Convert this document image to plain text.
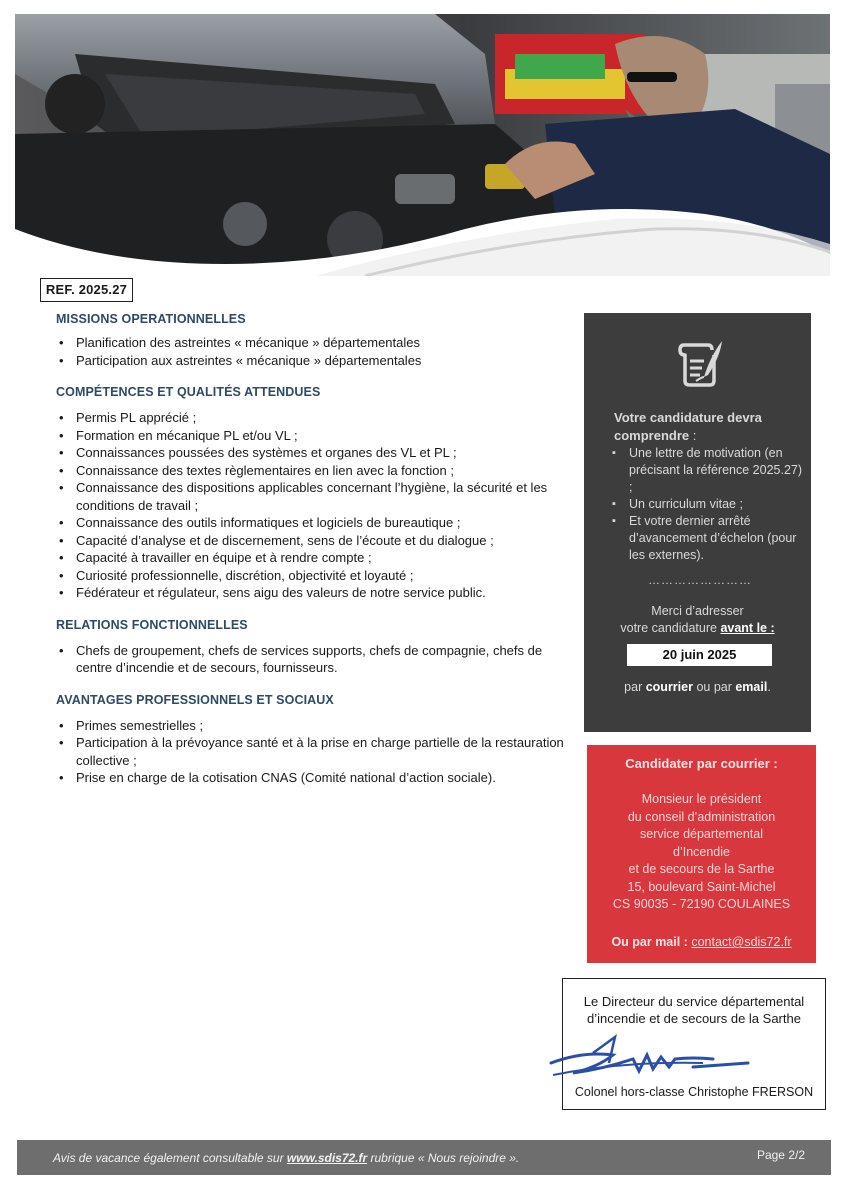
REF. 2025.27
MISSIONS OPERATIONNELLES
• Planification des astreintes « mécanique » départementales
• Participation aux astreintes « mécanique » départementales
COMPÉTENCES ET QUALITÉS ATTENDUES
• Permis PL apprécié ;
• Formation en mécanique PL et/ou VL ;
• Connaissances poussées des systèmes et organes des VL et PL ;
• Connaissance des textes règlementaires en lien avec la fonction ;
• Connaissance des dispositions applicables concernant l’hygiène, la sécurité et les conditions de travail ;
• Connaissance des outils informatiques et logiciels de bureautique ;
• Capacité d’analyse et de discernement, sens de l’écoute et du dialogue ;
• Capacité à travailler en équipe et à rendre compte ;
• Curiosité professionnelle, discrétion, objectivité et loyauté ;
• Fédérateur et régulateur, sens aigu des valeurs de notre service public.
RELATIONS FONCTIONNELLES
• Chefs de groupement, chefs de services supports, chefs de compagnie, chefs de centre d’incendie et de secours, fournisseurs.
AVANTAGES PROFESSIONNELS ET SOCIAUX
• Primes semestrielles ;
• Participation à la prévoyance santé et à la prise en charge partielle de la restauration collective ;
• Prise en charge de la cotisation CNAS (Comité national d’action sociale).
Votre candidature devra comprendre :
▪ Une lettre de motivation (en précisant la référence 2025.27) ;
▪ Un curriculum vitae ;
▪ Et votre dernier arrêté d’avancement d’échelon (pour les externes).
……………………
Merci d’adresser
votre candidature avant le :
20 juin 2025
par courrier ou par email.
Candidater par courrier :
Monsieur le président
du conseil d’administration
service départemental
d’Incendie
et de secours de la Sarthe
15, boulevard Saint-Michel
CS 90035 - 72190 COULAINES
Ou par mail : contact@sdis72.fr
Le Directeur du service départemental
d’incendie et de secours de la Sarthe
Colonel hors-classe Christophe FRERSON
Avis de vacance également consultable sur www.sdis72.fr rubrique « Nous rejoindre ».	Page 2/2
